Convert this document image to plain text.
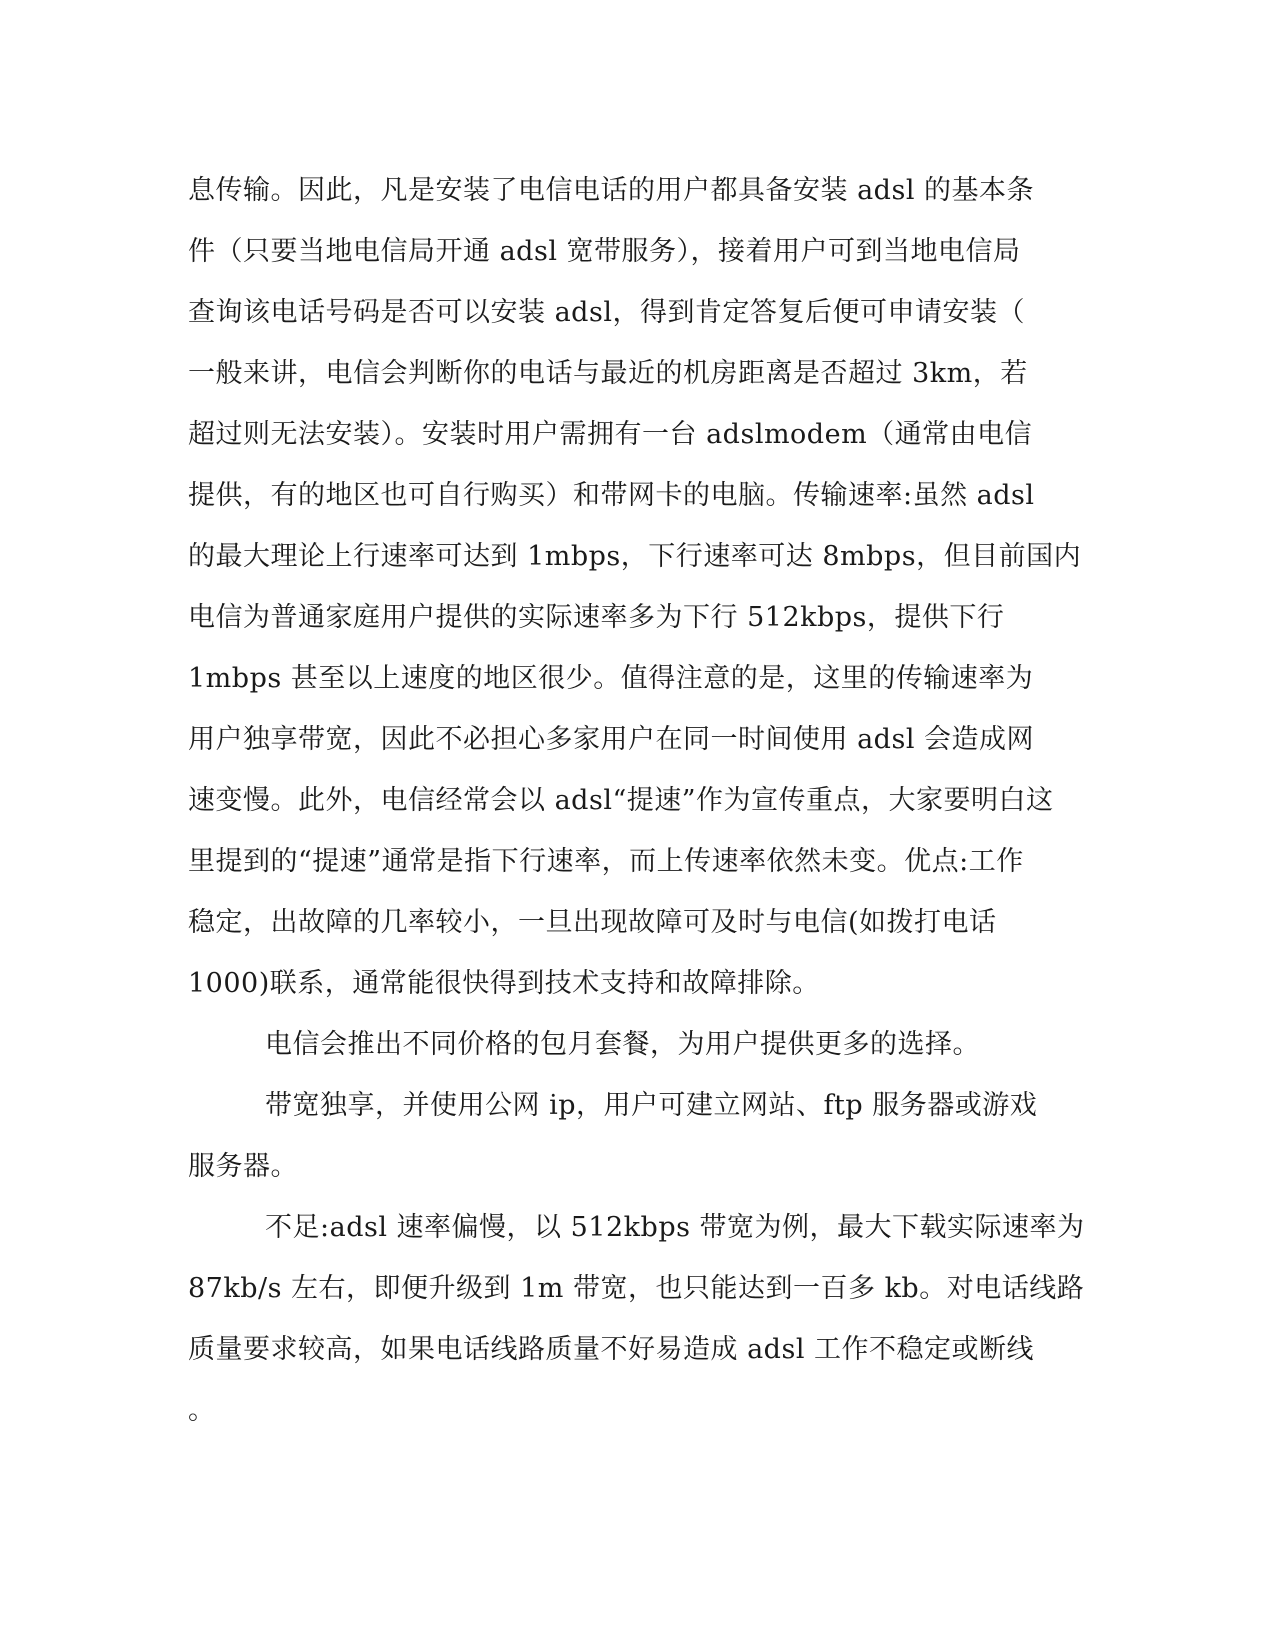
息传输。因此，凡是安装了电信电话的用户都具备安装 adsl 的基本条
件（只要当地电信局开通 adsl 宽带服务），接着用户可到当地电信局
查询该电话号码是否可以安装 adsl，得到肯定答复后便可申请安装（
一般来讲，电信会判断你的电话与最近的机房距离是否超过 3km，若
超过则无法安装）。安装时用户需拥有一台 adslmodem（通常由电信
提供，有的地区也可自行购买）和带网卡的电脑。传输速率:虽然 adsl
的最大理论上行速率可达到 1mbps，下行速率可达 8mbps，但目前国内
电信为普通家庭用户提供的实际速率多为下行 512kbps，提供下行
1mbps 甚至以上速度的地区很少。值得注意的是，这里的传输速率为
用户独享带宽，因此不必担心多家用户在同一时间使用 adsl 会造成网
速变慢。此外，电信经常会以 adsl“提速”作为宣传重点，大家要明白这
里提到的“提速”通常是指下行速率，而上传速率依然未变。优点:工作
稳定，出故障的几率较小，一旦出现故障可及时与电信(如拨打电话
1000)联系，通常能很快得到技术支持和故障排除。
电信会推出不同价格的包月套餐，为用户提供更多的选择。
带宽独享，并使用公网 ip，用户可建立网站、ftp 服务器或游戏
服务器。
不足:adsl 速率偏慢，以 512kbps 带宽为例，最大下载实际速率为
87kb/s 左右，即便升级到 1m 带宽，也只能达到一百多 kb。对电话线路
质量要求较高，如果电话线路质量不好易造成 adsl 工作不稳定或断线
。
